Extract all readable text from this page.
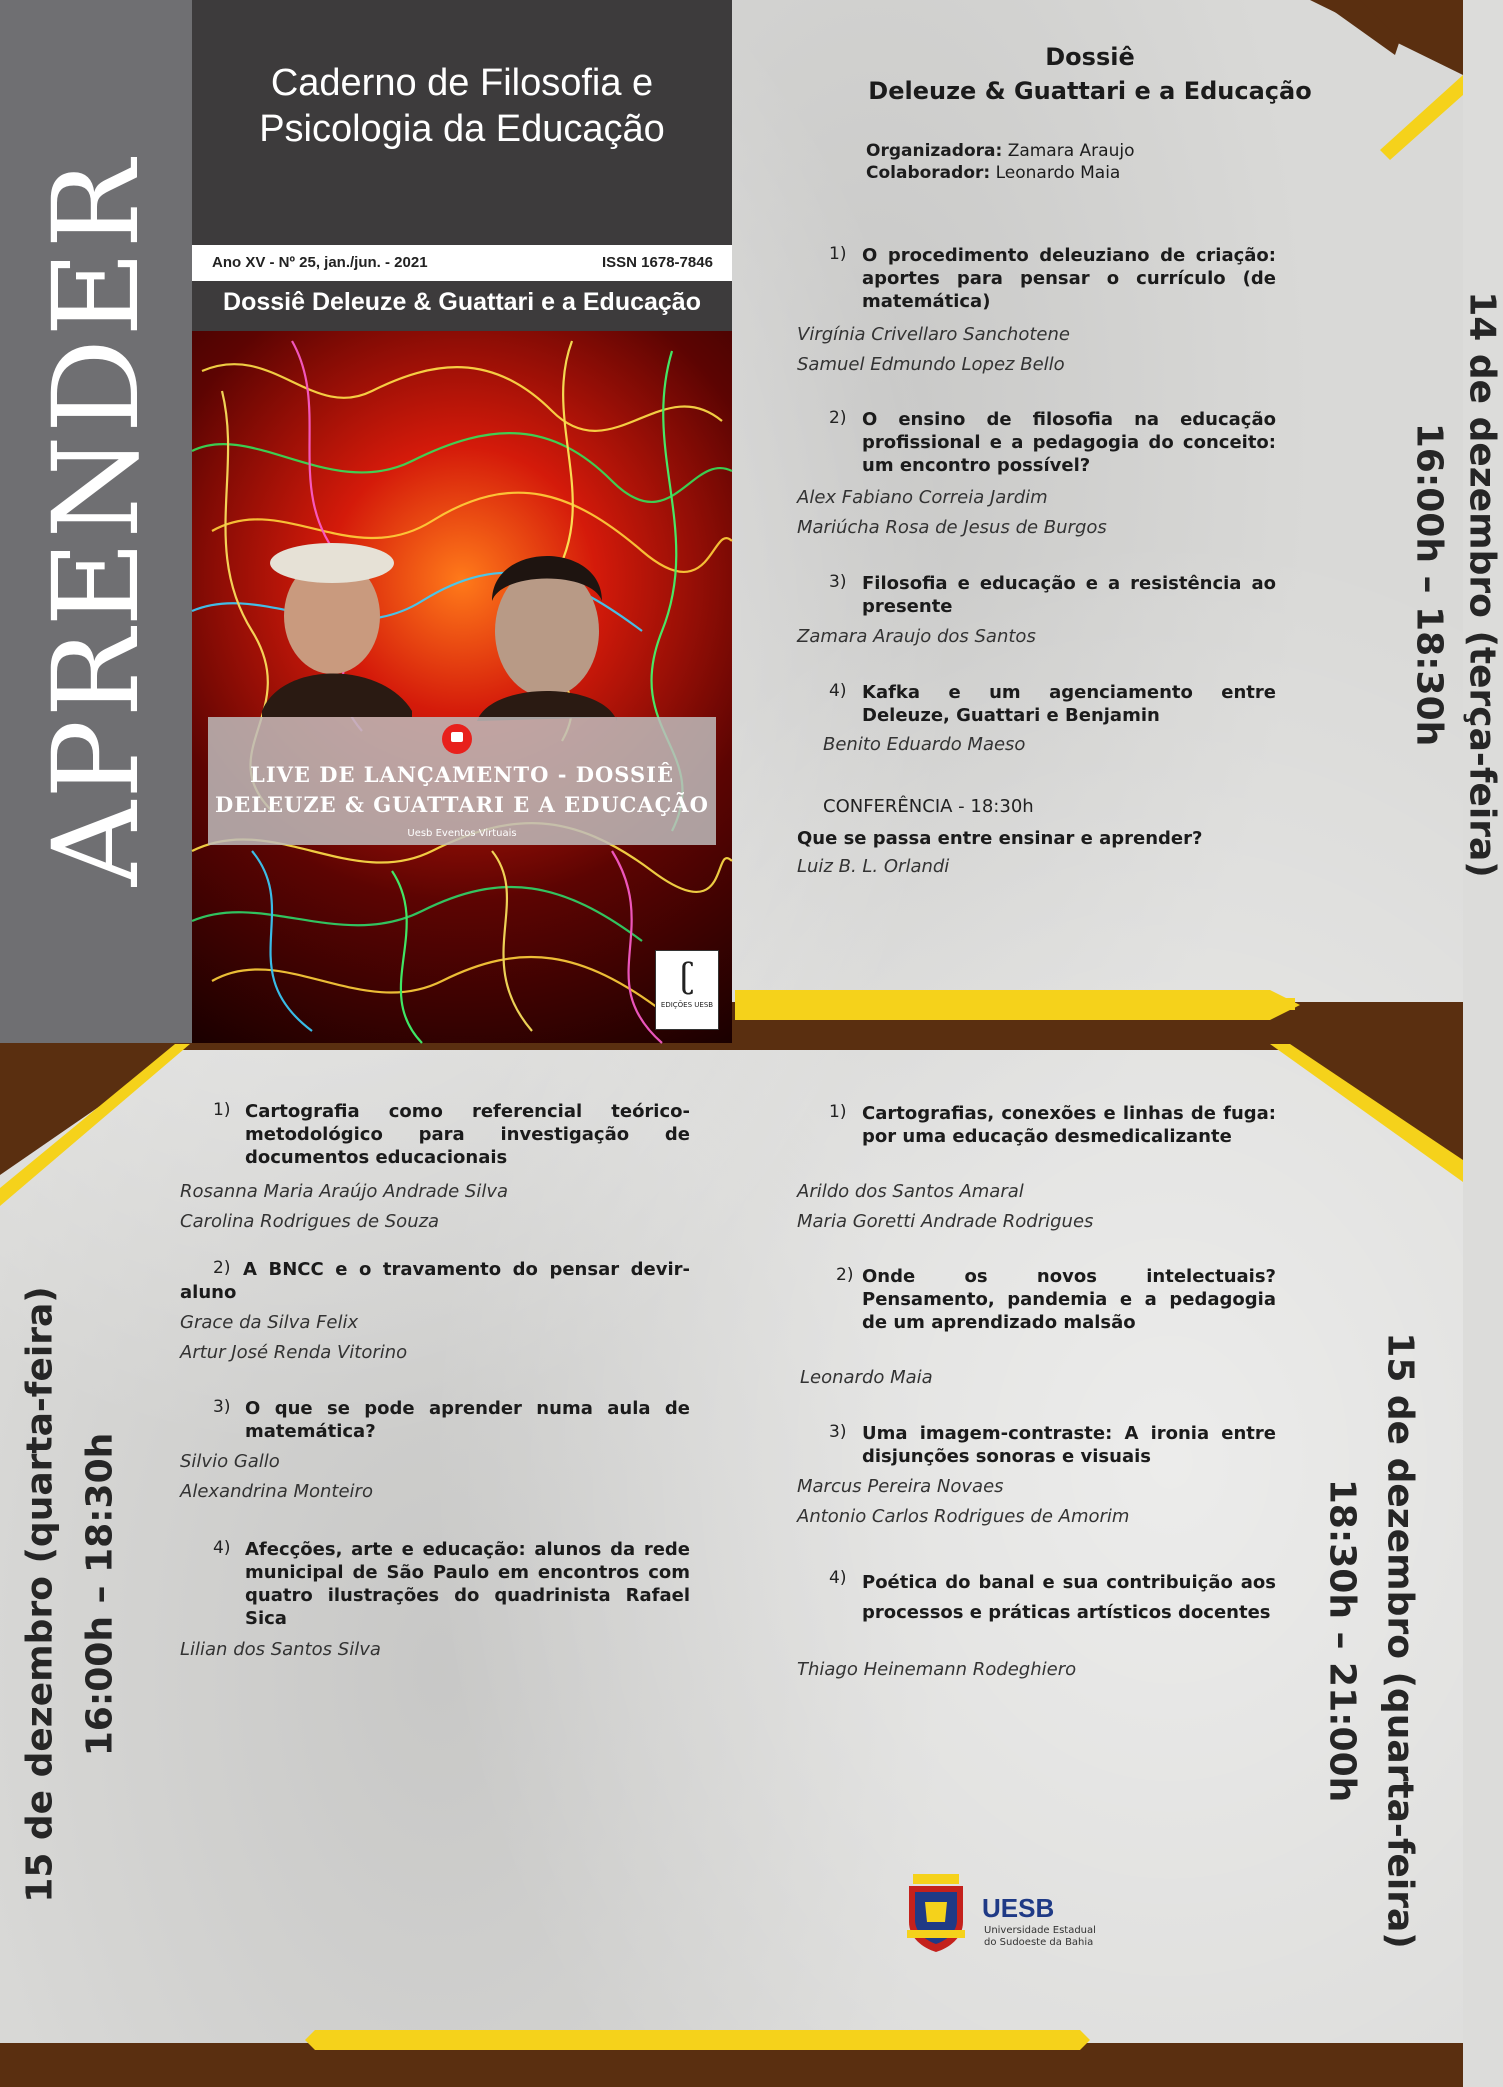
APRENDER
Caderno de Filosofia e
Psicologia da Educação
Ano XV - Nº 25, jan./jun. - 2021	ISSN 1678-7846
Dossiê Deleuze & Guattari e a Educação
LIVE DE LANÇAMENTO - DOSSIÊ
DELEUZE & GUATTARI E A EDUCAÇÃO
Uesb Eventos Virtuais
ʗ
EDIÇÕES UESB
Dossiê
Deleuze & Guattari e a Educação
Organizadora: Zamara Araujo
Colaborador: Leonardo Maia
1) O procedimento deleuziano de criação: aportes para pensar o currículo (de matemática)
Virgínia Crivellaro Sanchotene
Samuel Edmundo Lopez Bello
2) O ensino de filosofia na educação profissional e a pedagogia do conceito: um encontro possível?
Alex Fabiano Correia Jardim
Mariúcha Rosa de Jesus de Burgos
3) Filosofia e educação e a resistência ao presente
Zamara Araujo dos Santos
4) Kafka e um agenciamento entre Deleuze, Guattari e Benjamin
Benito Eduardo Maeso
CONFERÊNCIA - 18:30h
Que se passa entre ensinar e aprender?
Luiz B. L. Orlandi	14 de dezembro (terça-feira)
16:00h – 18:30h
1) Cartografia como referencial teórico-metodológico para investigação de documentos educacionais
Rosanna Maria Araújo Andrade Silva
Carolina Rodrigues de Souza
2) A BNCC e o travamento do pensar devir-aluno
Grace da Silva Felix
Artur José Renda Vitorino
3) O que se pode aprender numa aula de matemática?
Silvio Gallo
Alexandrina Monteiro
4) Afecções, arte e educação: alunos da rede municipal de São Paulo em encontros com quatro ilustrações do quadrinista Rafael Sica
Lilian dos Santos Silva
15 de dezembro (quarta-feira) 16:00h – 18:30h
1) Cartografias, conexões e linhas de fuga: por uma educação desmedicalizante
Arildo dos Santos Amaral
Maria Goretti Andrade Rodrigues
2) Onde os novos intelectuais? Pensamento, pandemia e a pedagogia de um aprendizado malsão
Leonardo Maia
3) Uma imagem-contraste: A ironia entre disjunções sonoras e visuais
Marcus Pereira Novaes
Antonio Carlos Rodrigues de Amorim
4) Poética do banal e sua contribuição aos processos e práticas artísticos docentes
Thiago Heinemann Rodeghiero	15 de dezembro (quarta-feira)
18:30h – 21:00h
UESB
Universidade Estadual
do Sudoeste da Bahia
